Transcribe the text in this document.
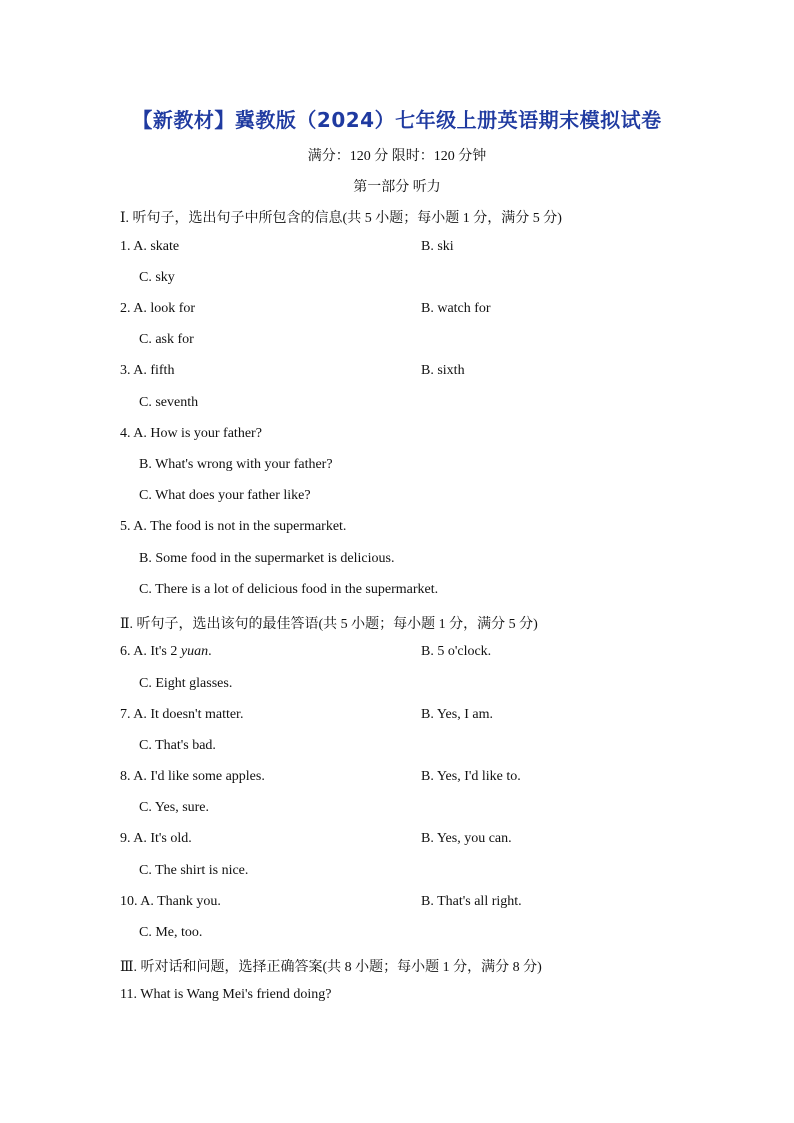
【新教材】冀教版（2024）七年级上册英语期末模拟试卷
满分：120 分 限时：120 分钟
第一部分 听力
Ⅰ. 听句子，选出句子中所包含的信息(共 5 小题；每小题 1 分，满分 5 分)
1. A. skate	B. ski
C. sky
2. A. look for	B. watch for
C. ask for
3. A. fifth	B. sixth
C. seventh
4. A. How is your father?
B. What's wrong with your father?
C. What does your father like?
5. A. The food is not in the supermarket.
B. Some food in the supermarket is delicious.
C. There is a lot of delicious food in the supermarket.
Ⅱ. 听句子，选出该句的最佳答语(共 5 小题；每小题 1 分，满分 5 分)
6. A. It's 2 yuan.	B. 5 o'clock.
C. Eight glasses.
7. A. It doesn't matter.	B. Yes, I am.
C. That's bad.
8. A. I'd like some apples.	B. Yes, I'd like to.
C. Yes, sure.
9. A. It's old.	B. Yes, you can.
C. The shirt is nice.
10. A. Thank you.	B. That's all right.
C. Me, too.
Ⅲ. 听对话和问题，选择正确答案(共 8 小题；每小题 1 分，满分 8 分)
11. What is Wang Mei's friend doing?
